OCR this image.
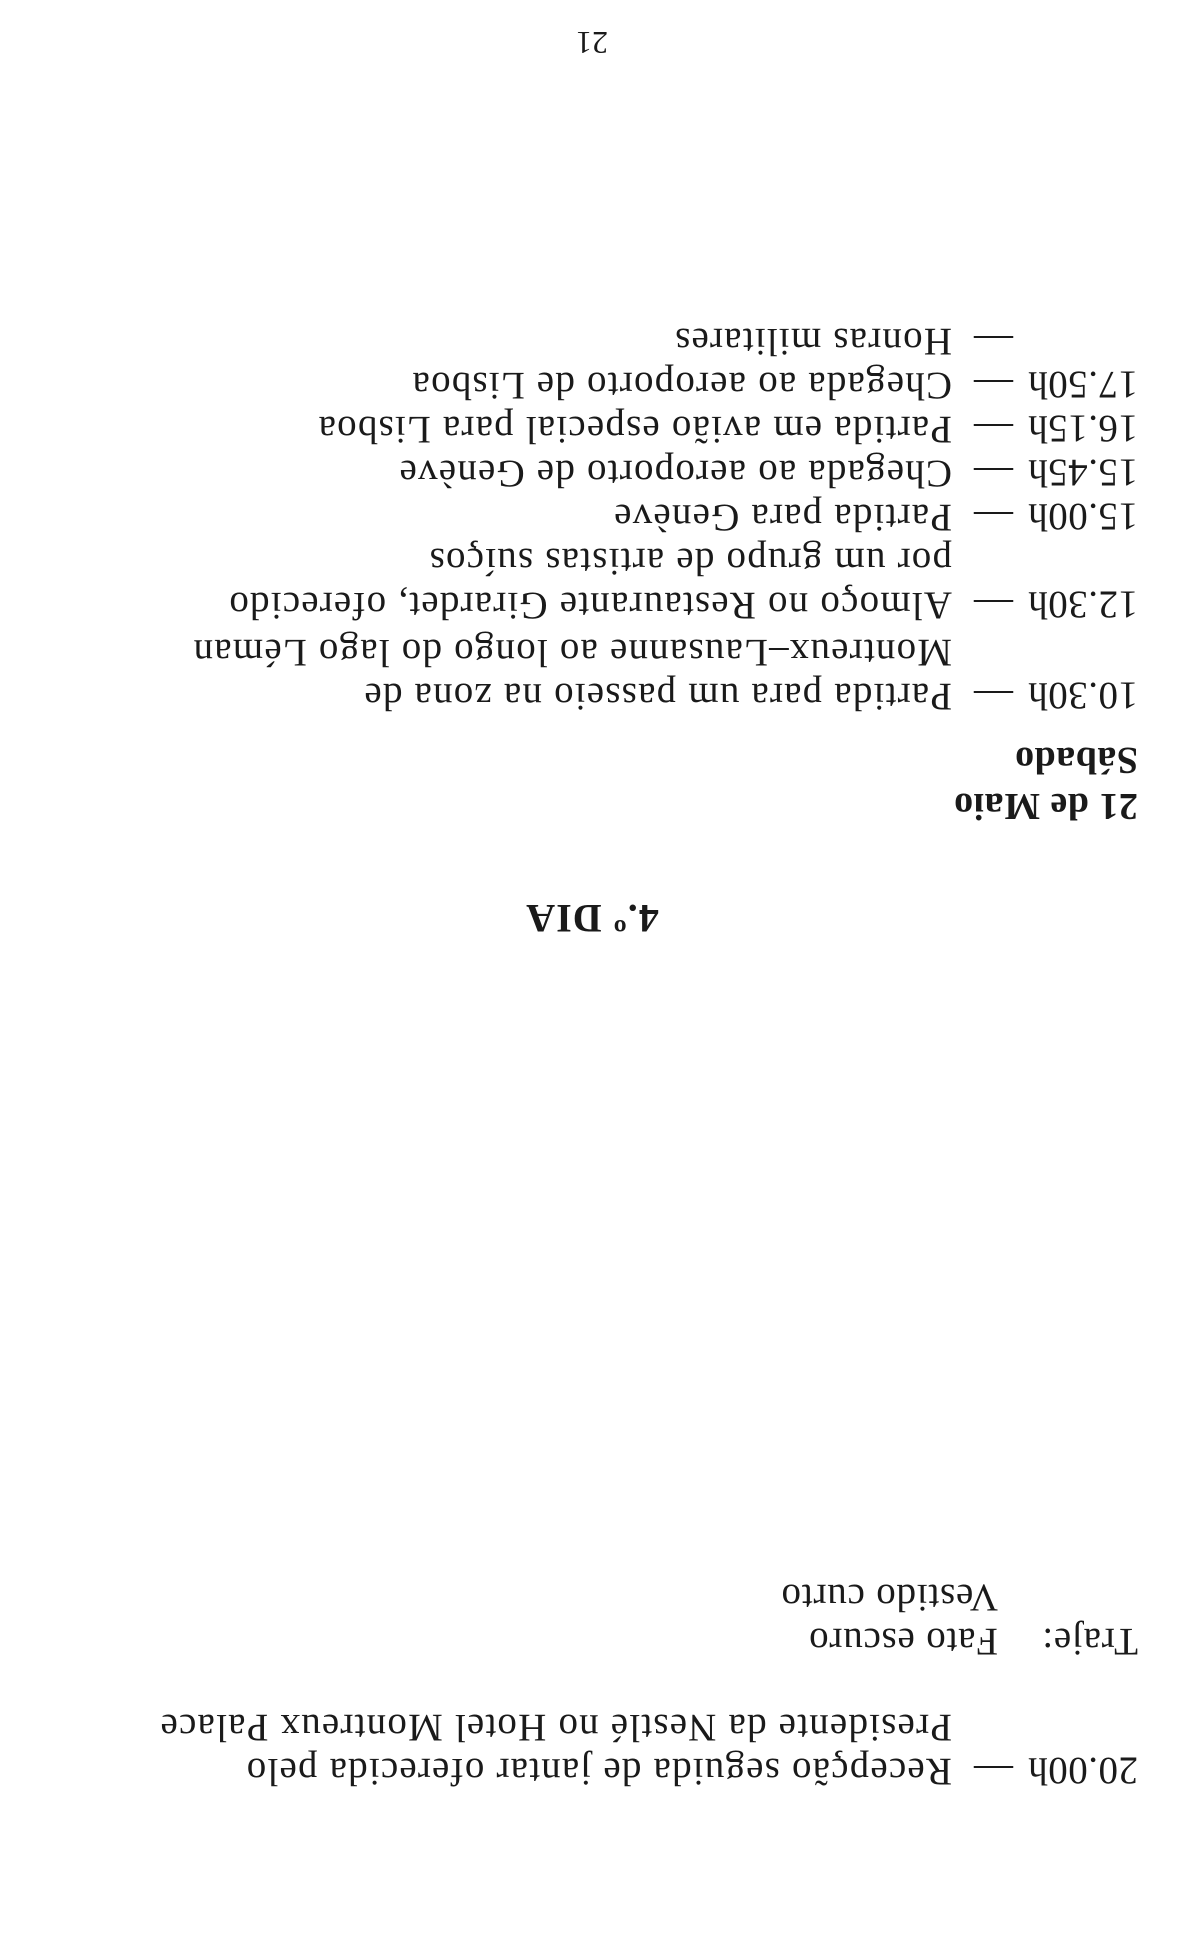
20.00h
—
Recepção seguida de jantar oferecida pelo
Presidente da Nestlé no Hotel Montreux Palace
Traje:
Fato escuro
Vestido curto
4.º DIA
21 de Maio
Sábado
10.30h
—
Partida para um passeio na zona de
Montreux–Lausanne ao longo do lago Léman
12.30h
—
Almoço no Restaurante Girardet, oferecido
por um grupo de artistas suíços
15.00h
—
Partida para Genève
15.45h
—
Chegada ao aeroporto de Genève
16.15h
—
Partida em avião especial para Lisboa
17.50h
—
Chegada ao aeroporto de Lisboa
—
Honras militares
21
